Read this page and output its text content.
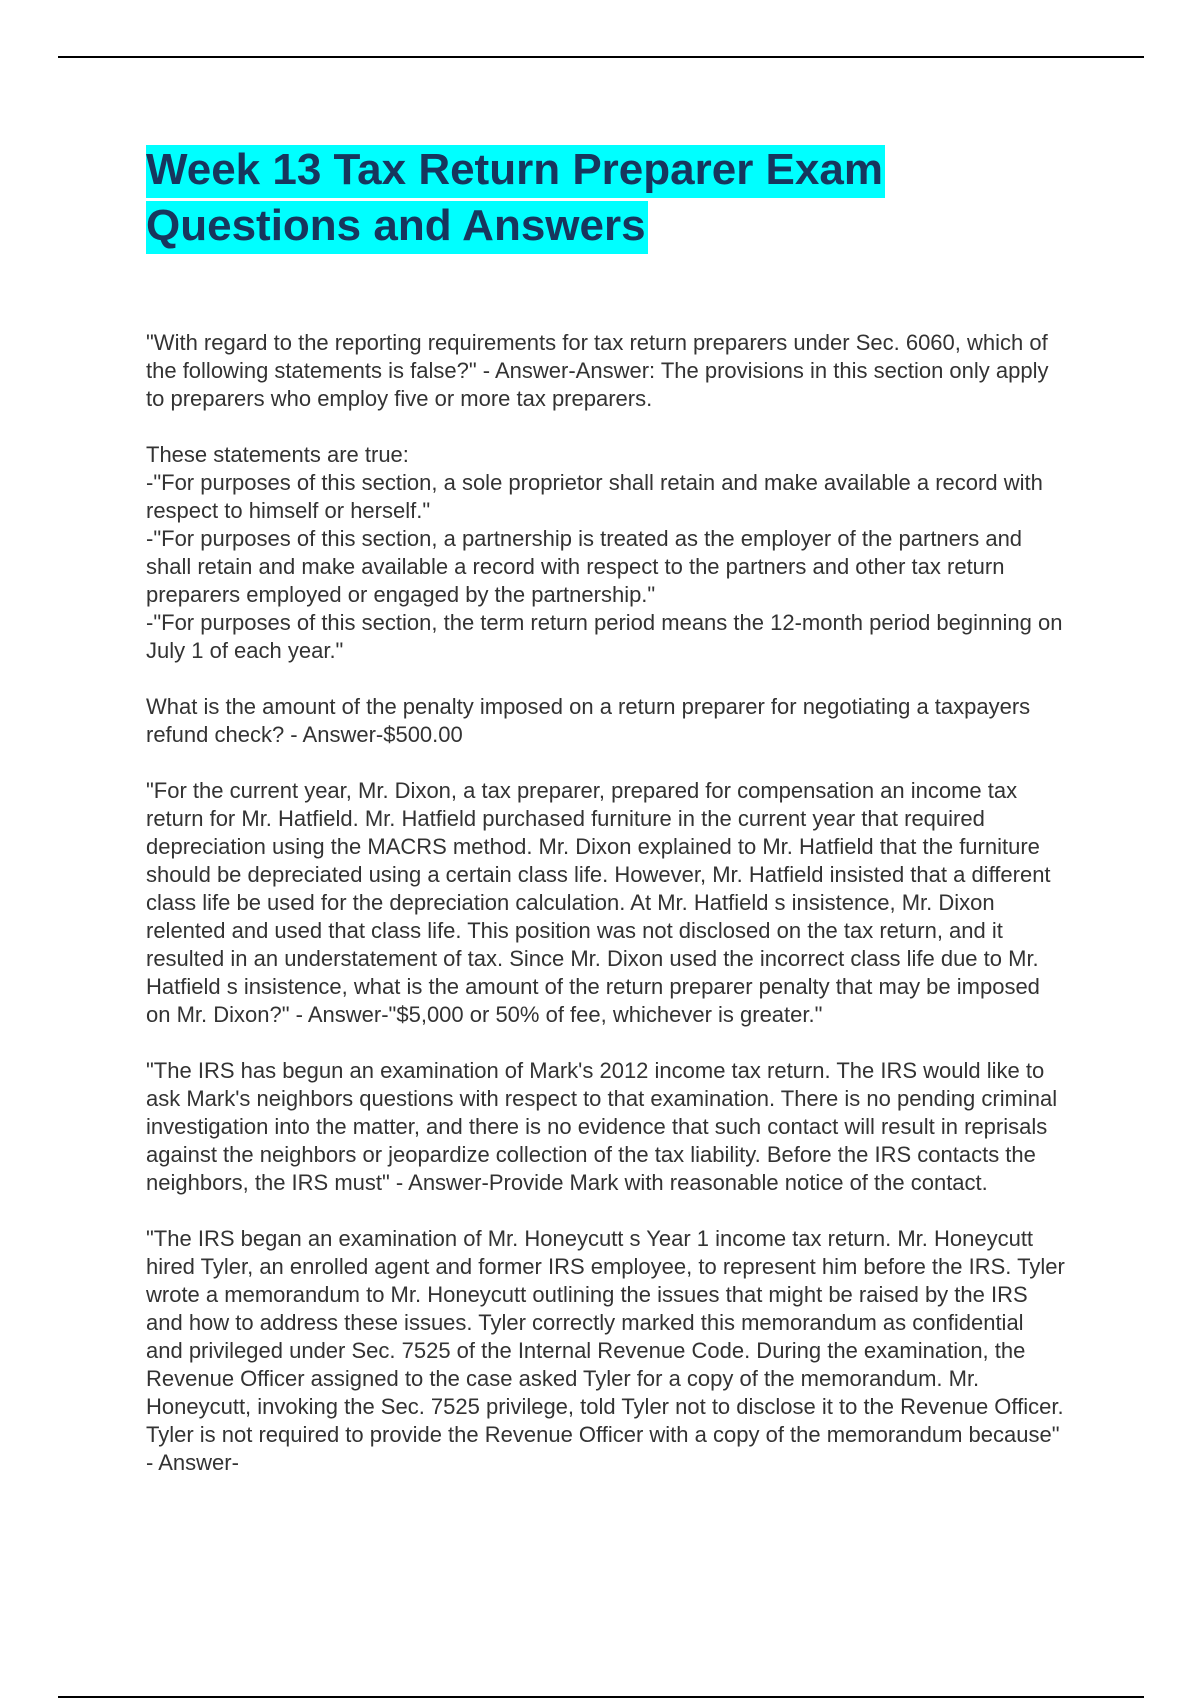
Week 13 Tax Return Preparer Exam Questions and Answers

"With regard to the reporting requirements for tax return preparers under Sec. 6060, which of the following statements is false?" - Answer-Answer: The provisions in this section only apply to preparers who employ five or more tax preparers.

These statements are true:
-"For purposes of this section, a sole proprietor shall retain and make available a record with respect to himself or herself."
-"For purposes of this section, a partnership is treated as the employer of the partners and shall retain and make available a record with respect to the partners and other tax return preparers employed or engaged by the partnership."
-"For purposes of this section, the term return period means the 12-month period beginning on July 1 of each year."

What is the amount of the penalty imposed on a return preparer for negotiating a taxpayers refund check? - Answer-$500.00

"For the current year, Mr. Dixon, a tax preparer, prepared for compensation an income tax return for Mr. Hatfield. Mr. Hatfield purchased furniture in the current year that required depreciation using the MACRS method. Mr. Dixon explained to Mr. Hatfield that the furniture should be depreciated using a certain class life. However, Mr. Hatfield insisted that a different class life be used for the depreciation calculation. At Mr. Hatfield s insistence, Mr. Dixon relented and used that class life. This position was not disclosed on the tax return, and it resulted in an understatement of tax. Since Mr. Dixon used the incorrect class life due to Mr. Hatfield s insistence, what is the amount of the return preparer penalty that may be imposed on Mr. Dixon?" - Answer-"$5,000 or 50% of fee, whichever is greater."

"The IRS has begun an examination of Mark's 2012 income tax return. The IRS would like to ask Mark's neighbors questions with respect to that examination. There is no pending criminal investigation into the matter, and there is no evidence that such contact will result in reprisals against the neighbors or jeopardize collection of the tax liability. Before the IRS contacts the neighbors, the IRS must" - Answer-Provide Mark with reasonable notice of the contact.

"The IRS began an examination of Mr. Honeycutt s Year 1 income tax return. Mr. Honeycutt hired Tyler, an enrolled agent and former IRS employee, to represent him before the IRS. Tyler wrote a memorandum to Mr. Honeycutt outlining the issues that might be raised by the IRS and how to address these issues. Tyler correctly marked this memorandum as confidential and privileged under Sec. 7525 of the Internal Revenue Code. During the examination, the Revenue Officer assigned to the case asked Tyler for a copy of the memorandum. Mr. Honeycutt, invoking the Sec. 7525 privilege, told Tyler not to disclose it to the Revenue Officer. Tyler is not required to provide the Revenue Officer with a copy of the memorandum because" - Answer-
